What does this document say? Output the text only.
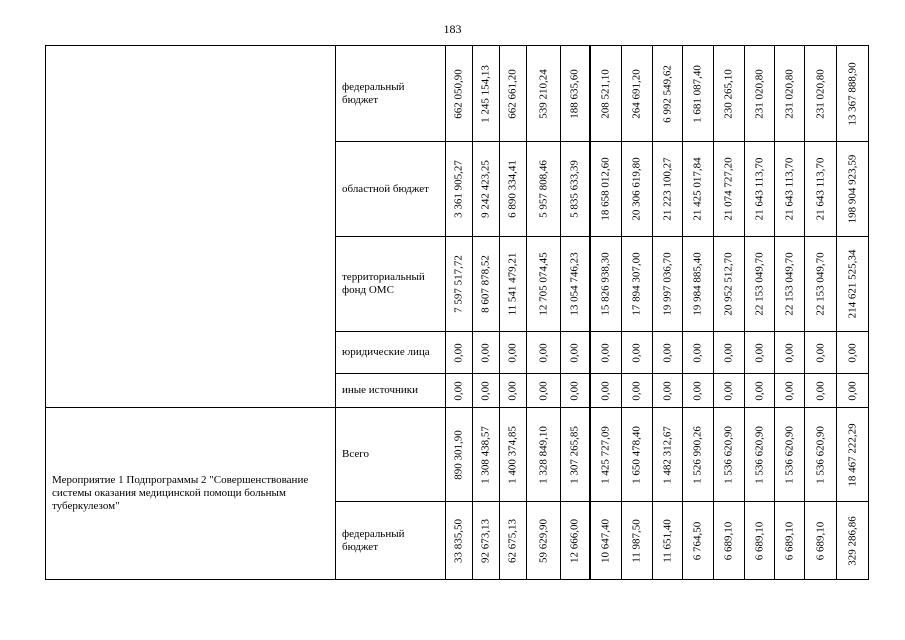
183
	федеральный бюджет	662 050,90	1 245 154,13	662 661,20	539 210,24	188 635,60	208 521,10	264 691,20	6 992 549,62	1 681 087,40	230 265,10	231 020,80	231 020,80	231 020,80	13 367 888,90

	областной бюджет	3 361 905,27	9 242 423,25	6 890 334,41	5 957 808,46	5 835 633,39	18 658 012,60	20 306 619,80	21 223 100,27	21 425 017,84	21 074 727,20	21 643 113,70	21 643 113,70	21 643 113,70	198 904 923,59

	территориальный фонд ОМС	7 597 517,72	8 607 878,52	11 541 479,21	12 705 074,45	13 054 746,23	15 826 938,30	17 894 307,00	19 997 036,70	19 984 885,40	20 952 512,70	22 153 049,70	22 153 049,70	22 153 049,70	214 621 525,34

	юридические лица	0,00	0,00	0,00	0,00	0,00	0,00	0,00	0,00	0,00	0,00	0,00	0,00	0,00	0,00

	иные источники	0,00	0,00	0,00	0,00	0,00	0,00	0,00	0,00	0,00	0,00	0,00	0,00	0,00	0,00

Мероприятие 1 Подпрограммы 2 "Совершенствование системы оказания медицинской помощи больным туберкулезом"	Всего	890 301,90	1 308 438,57	1 400 374,85	1 328 849,10	1 307 265,85	1 425 727,09	1 650 478,40	1 482 312,67	1 526 990,26	1 536 620,90	1 536 620,90	1 536 620,90	1 536 620,90	18 467 222,29

	федеральный бюджет	33 835,50	92 673,13	62 675,13	59 629,90	12 666,00	10 647,40	11 987,50	11 651,40	6 764,50	6 689,10	6 689,10	6 689,10	6 689,10	329 286,86
